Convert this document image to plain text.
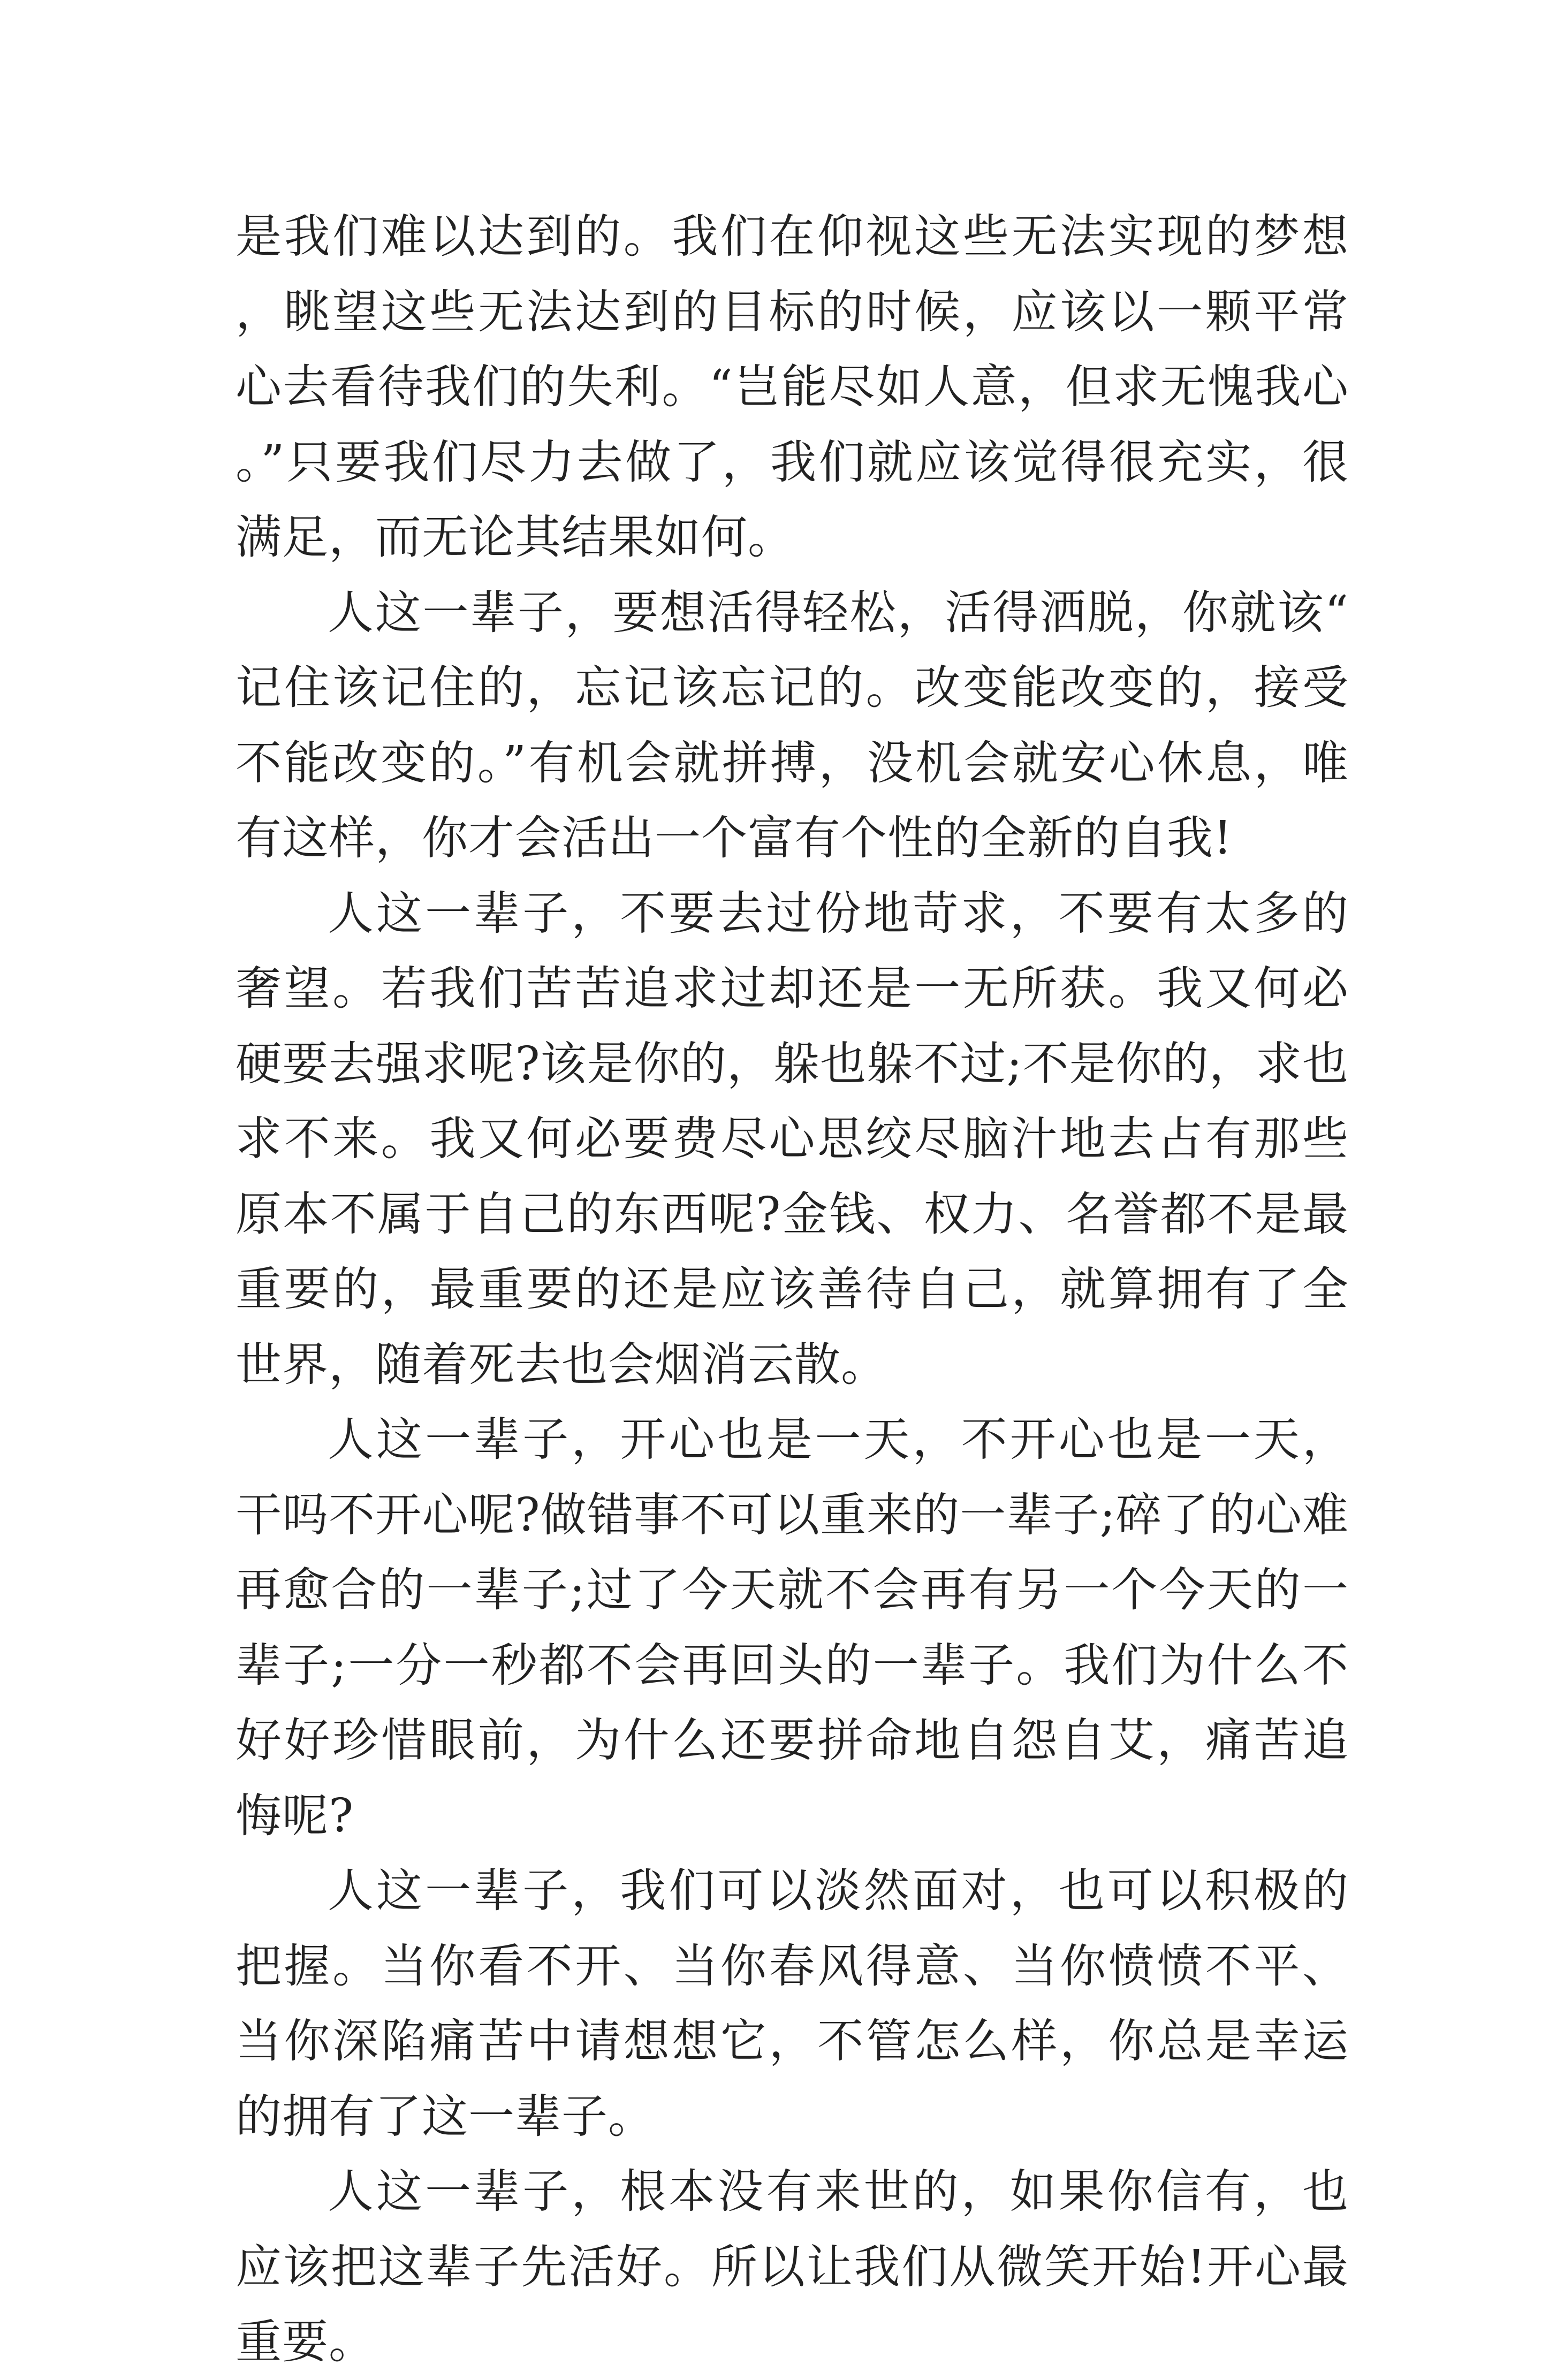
是我们难以达到的。我们在仰视这些无法实现的梦想，眺望这些无法达到的目标的时候，应该以一颗平常心去看待我们的失利。“岂能尽如人意，但求无愧我心。”只要我们尽力去做了，我们就应该觉得很充实，很满足，而无论其结果如何。

人这一辈子，要想活得轻松，活得洒脱，你就该“记住该记住的，忘记该忘记的。改变能改变的，接受不能改变的。”有机会就拼搏，没机会就安心休息，唯有这样，你才会活出一个富有个性的全新的自我!

人这一辈子，不要去过份地苛求，不要有太多的奢望。若我们苦苦追求过却还是一无所获。我又何必硬要去强求呢?该是你的，躲也躲不过;不是你的，求也求不来。我又何必要费尽心思绞尽脑汁地去占有那些原本不属于自己的东西呢?金钱、权力、名誉都不是最重要的，最重要的还是应该善待自己，就算拥有了全世界，随着死去也会烟消云散。

人这一辈子，开心也是一天，不开心也是一天，干吗不开心呢?做错事不可以重来的一辈子;碎了的心难再愈合的一辈子;过了今天就不会再有另一个今天的一辈子;一分一秒都不会再回头的一辈子。我们为什么不好好珍惜眼前，为什么还要拼命地自怨自艾，痛苦追悔呢?

人这一辈子，我们可以淡然面对，也可以积极的把握。当你看不开、当你春风得意、当你愤愤不平、当你深陷痛苦中请想想它，不管怎么样，你总是幸运的拥有了这一辈子。

人这一辈子，根本没有来世的，如果你信有，也应该把这辈子先活好。所以让我们从微笑开始!开心最重要。
